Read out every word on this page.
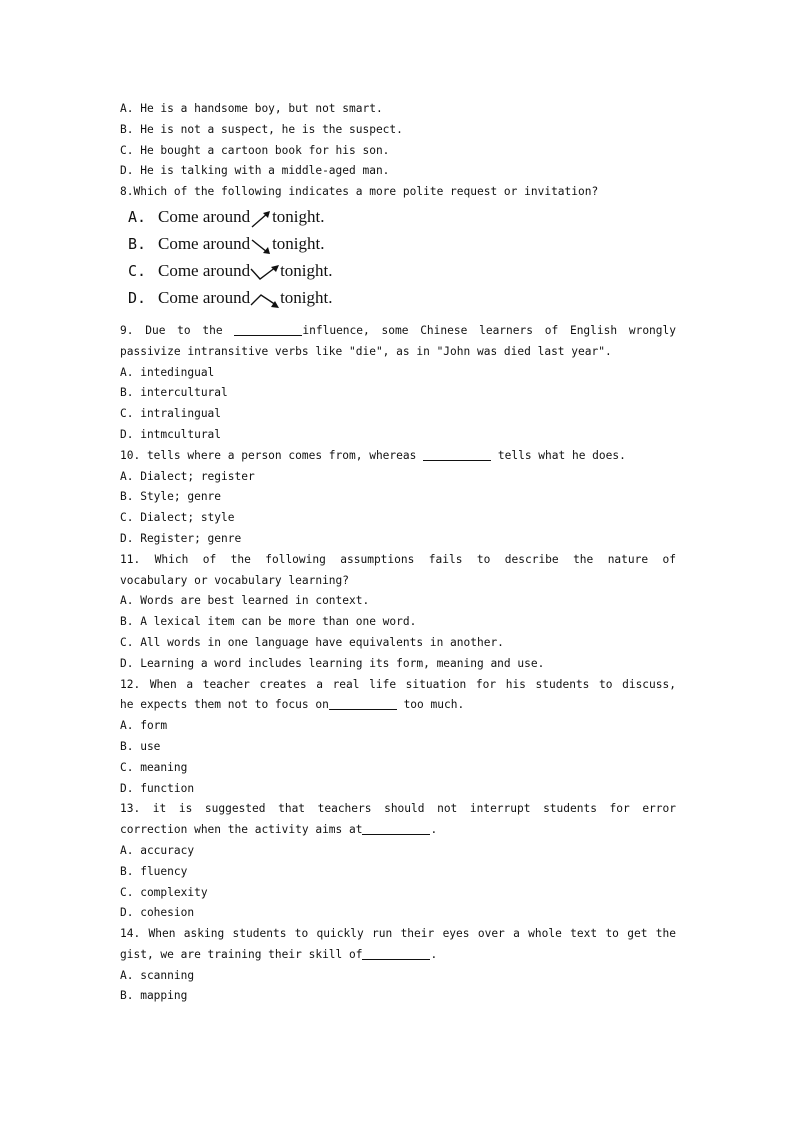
A. He is a handsome boy, but not smart.
B. He is not a suspect, he is the suspect.
C. He bought a cartoon book for his son.
D. He is talking with a middle-aged man.
8.Which of the following indicates a more polite request or invitation?
A. Come around tonight.
B. Come around tonight.
C. Come around tonight.
D. Come around tonight.
9. Due to the	influence, some Chinese learners of English wrongly
passivize intransitive verbs like "die", as in "John was died last year".
A. intedingual
B. intercultural
C. intralingual
D. intmcultural
10. tells where a person comes from, whereas	tells what he does.
A. Dialect; register
B. Style; genre
C. Dialect; style
D. Register; genre
11. Which of the following assumptions fails to describe the nature of
vocabulary or vocabulary learning?
A. Words are best learned in context.
B. A lexical item can be more than one word.
C. All words in one language have equivalents in another.
D. Learning a word includes learning its form, meaning and use.
12. When a teacher creates a real life situation for his students to discuss,
he expects them not to focus on	too much.
A. form
B. use
C. meaning
D. function
13. it is suggested that teachers should not interrupt students for error
correction when the activity aims at	.
A. accuracy
B. fluency
C. complexity
D. cohesion
14. When asking students to quickly run their eyes over a whole text to get the
gist, we are training their skill of	.
A. scanning
B. mapping
